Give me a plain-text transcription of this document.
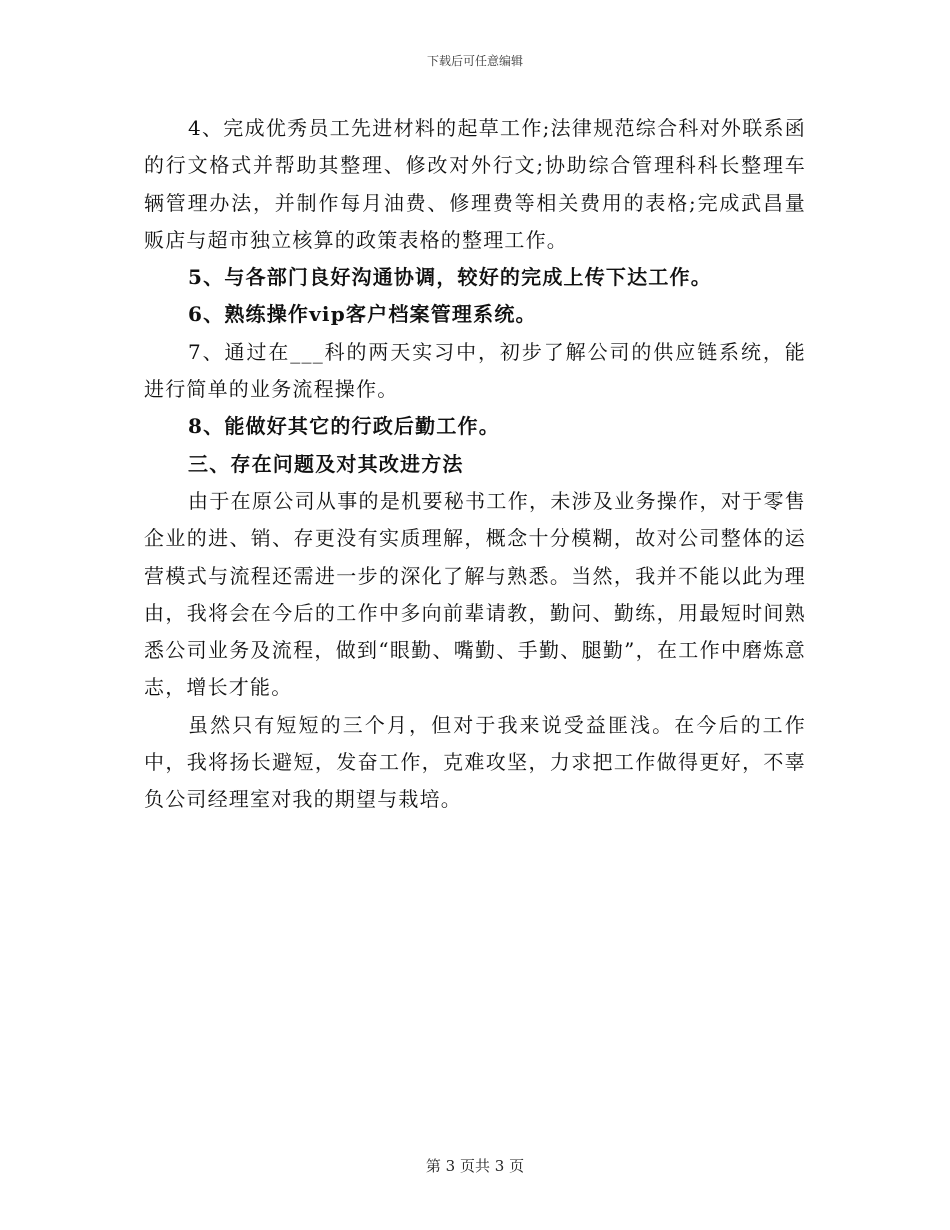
下载后可任意编辑

4、完成优秀员工先进材料的起草工作;法律规范综合科对外联系函的行文格式并帮助其整理、修改对外行文;协助综合管理科科长整理车辆管理办法，并制作每月油费、修理费等相关费用的表格;完成武昌量贩店与超市独立核算的政策表格的整理工作。

5、与各部门良好沟通协调，较好的完成上传下达工作。

6、熟练操作vip客户档案管理系统。

7、通过在___科的两天实习中，初步了解公司的供应链系统，能进行简单的业务流程操作。

8、能做好其它的行政后勤工作。

三、存在问题及对其改进方法

由于在原公司从事的是机要秘书工作，未涉及业务操作，对于零售企业的进、销、存更没有实质理解，概念十分模糊，故对公司整体的运营模式与流程还需进一步的深化了解与熟悉。当然，我并不能以此为理由，我将会在今后的工作中多向前辈请教，勤问、勤练，用最短时间熟悉公司业务及流程，做到“眼勤、嘴勤、手勤、腿勤”，在工作中磨炼意志，增长才能。

虽然只有短短的三个月，但对于我来说受益匪浅。在今后的工作中，我将扬长避短，发奋工作，克难攻坚，力求把工作做得更好，不辜负公司经理室对我的期望与栽培。

第 3 页共 3 页
